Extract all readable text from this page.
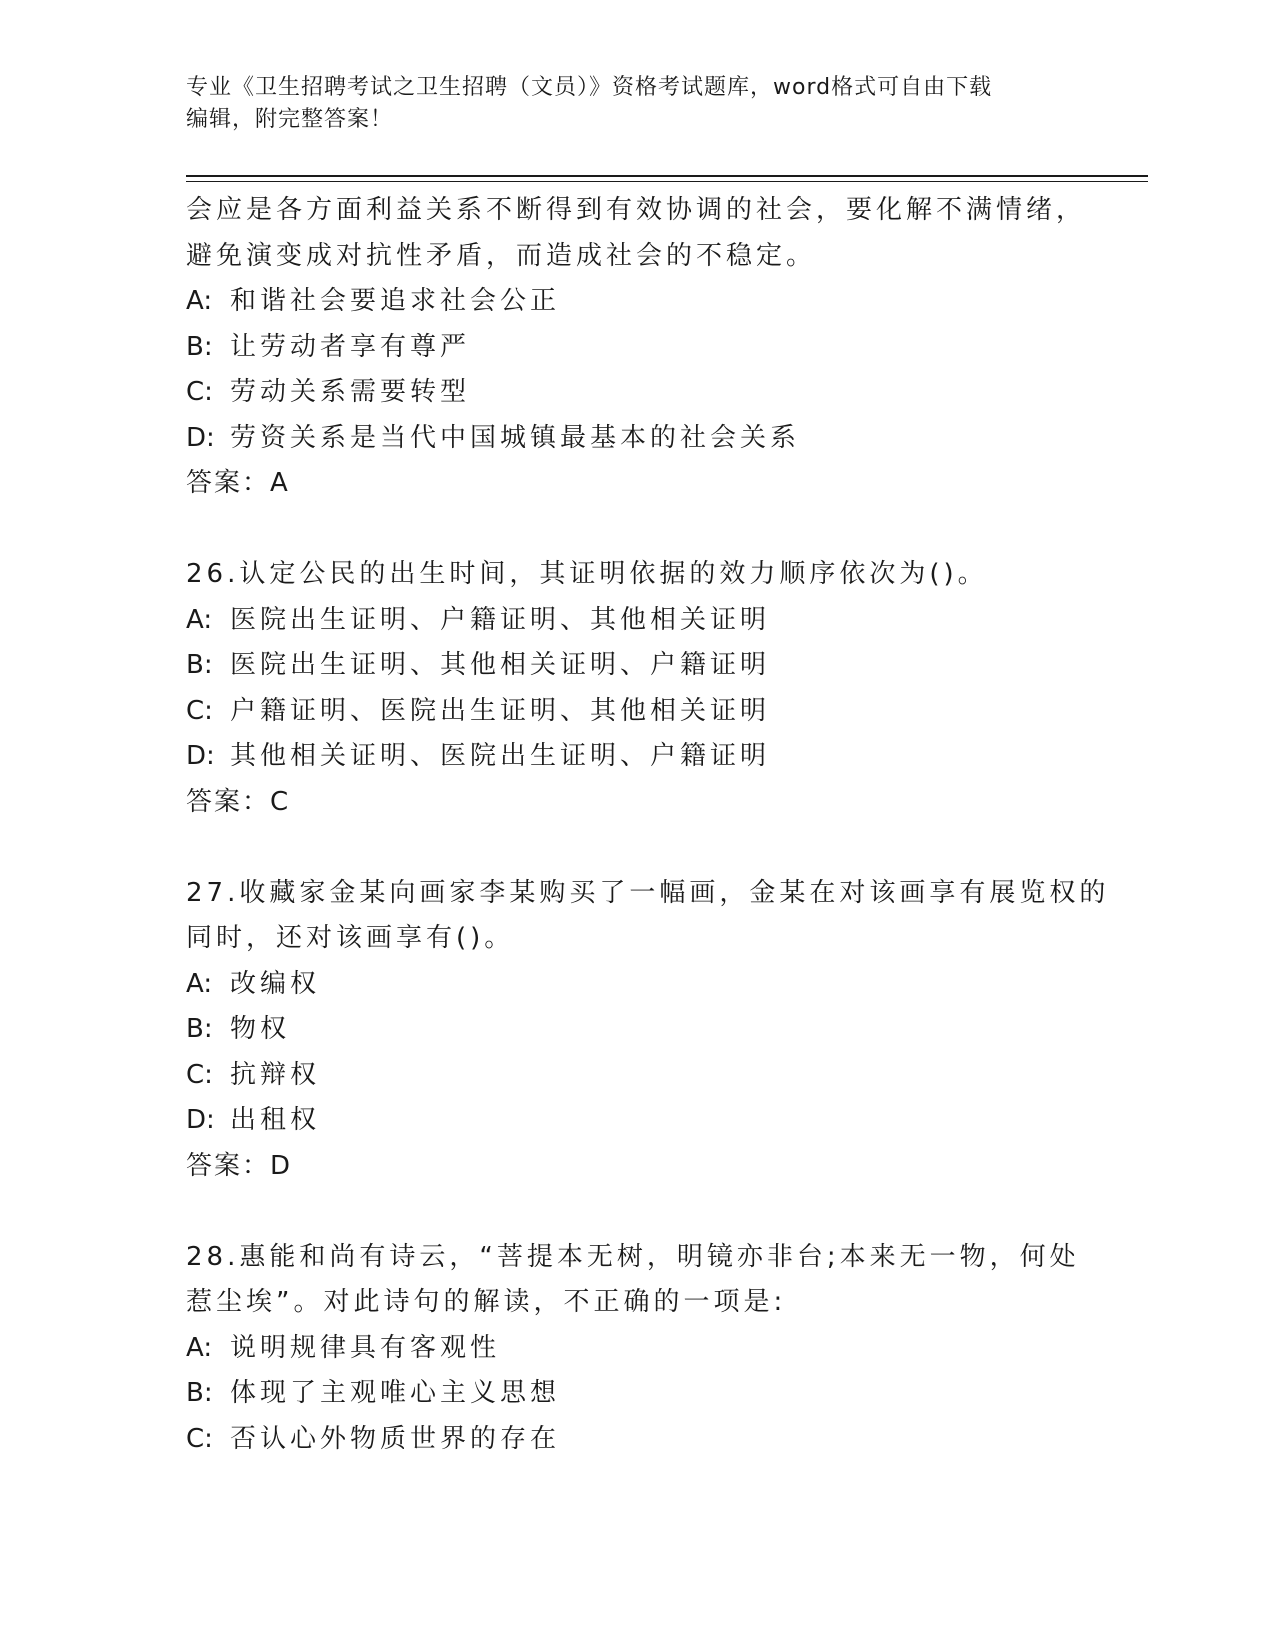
专业《卫生招聘考试之卫生招聘（文员）》资格考试题库，word格式可自由下载
编辑，附完整答案！
会应是各方面利益关系不断得到有效协调的社会，要化解不满情绪，
避免演变成对抗性矛盾，而造成社会的不稳定。
A: 和谐社会要追求社会公正
B: 让劳动者享有尊严
C: 劳动关系需要转型
D: 劳资关系是当代中国城镇最基本的社会关系
答案：A
26.认定公民的出生时间，其证明依据的效力顺序依次为()。
A: 医院出生证明、户籍证明、其他相关证明
B: 医院出生证明、其他相关证明、户籍证明
C: 户籍证明、医院出生证明、其他相关证明
D: 其他相关证明、医院出生证明、户籍证明
答案：C
27.收藏家金某向画家李某购买了一幅画，金某在对该画享有展览权的
同时，还对该画享有()。
A: 改编权
B: 物权
C: 抗辩权
D: 出租权
答案：D
28.惠能和尚有诗云，“菩提本无树，明镜亦非台;本来无一物，何处
惹尘埃”。对此诗句的解读，不正确的一项是:
A: 说明规律具有客观性
B: 体现了主观唯心主义思想
C: 否认心外物质世界的存在
